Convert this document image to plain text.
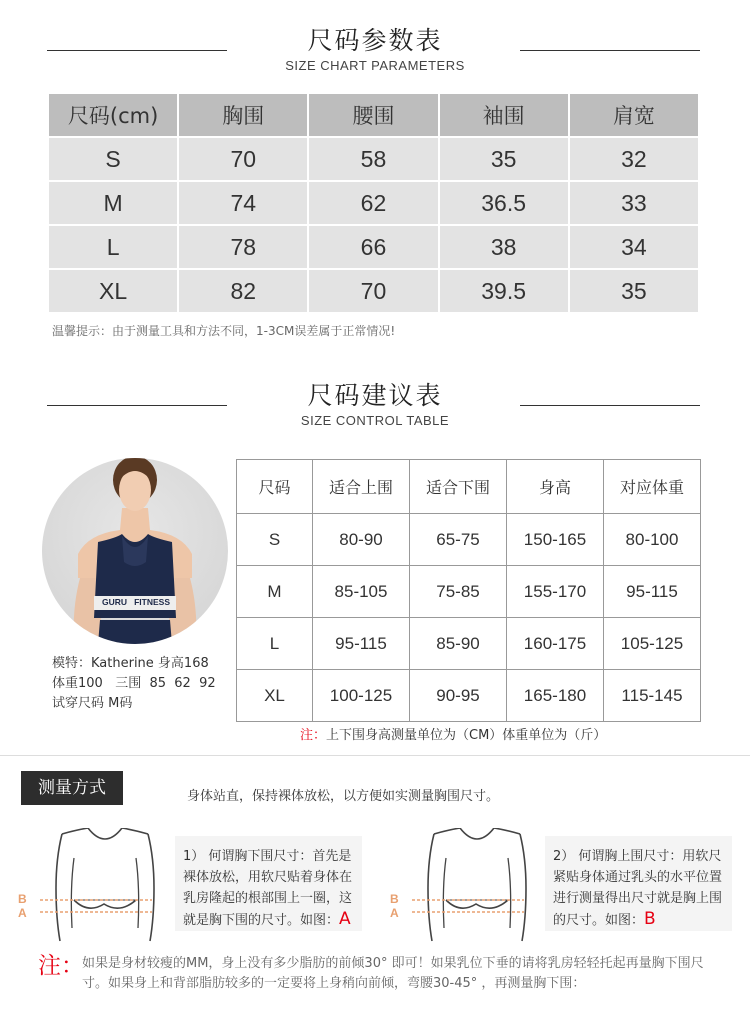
尺码参数表
SIZE CHART PARAMETERS
尺码(cm)	胸围	腰围	袖围	肩宽
S	70	58	35	32
M	74	62	36.5	33
L	78	66	38	34
XL	82	70	39.5	35
温馨提示：由于测量工具和方法不同，1-3CM误差属于正常情况!
尺码建议表
SIZE CONTROL TABLE
GURU   FITNESS
模特：Katherine 身高168
体重100   三围  85  62  92
试穿尺码 M码
尺码	适合上围	适合下围	身高	对应体重
S	80-90	65-75	150-165	80-100
M	85-105	75-85	155-170	95-115
L	95-115	85-90	160-175	105-125
XL	100-125	90-95	165-180	115-145
注：上下围身高测量单位为（CM）体重单位为（斤）
测量方式	身体站直，保持裸体放松，以方便如实测量胸围尺寸。
B
A
1） 何谓胸下围尺寸：首先是裸体放松，用软尺贴着身体在乳房隆起的根部围上一圈，这就是胸下围的尺寸。如图：A
B
A
2） 何谓胸上围尺寸：用软尺紧贴身体通过乳头的水平位置进行测量得出尺寸就是胸上围的尺寸。如图：B
注：
如果是身材较瘦的MM，身上没有多少脂肪的前倾30° 即可！如果乳位下垂的请将乳房轻轻托起再量胸下围尺寸。如果身上和背部脂肪较多的一定要将上身稍向前倾，弯腰30-45° ，再测量胸下围：
